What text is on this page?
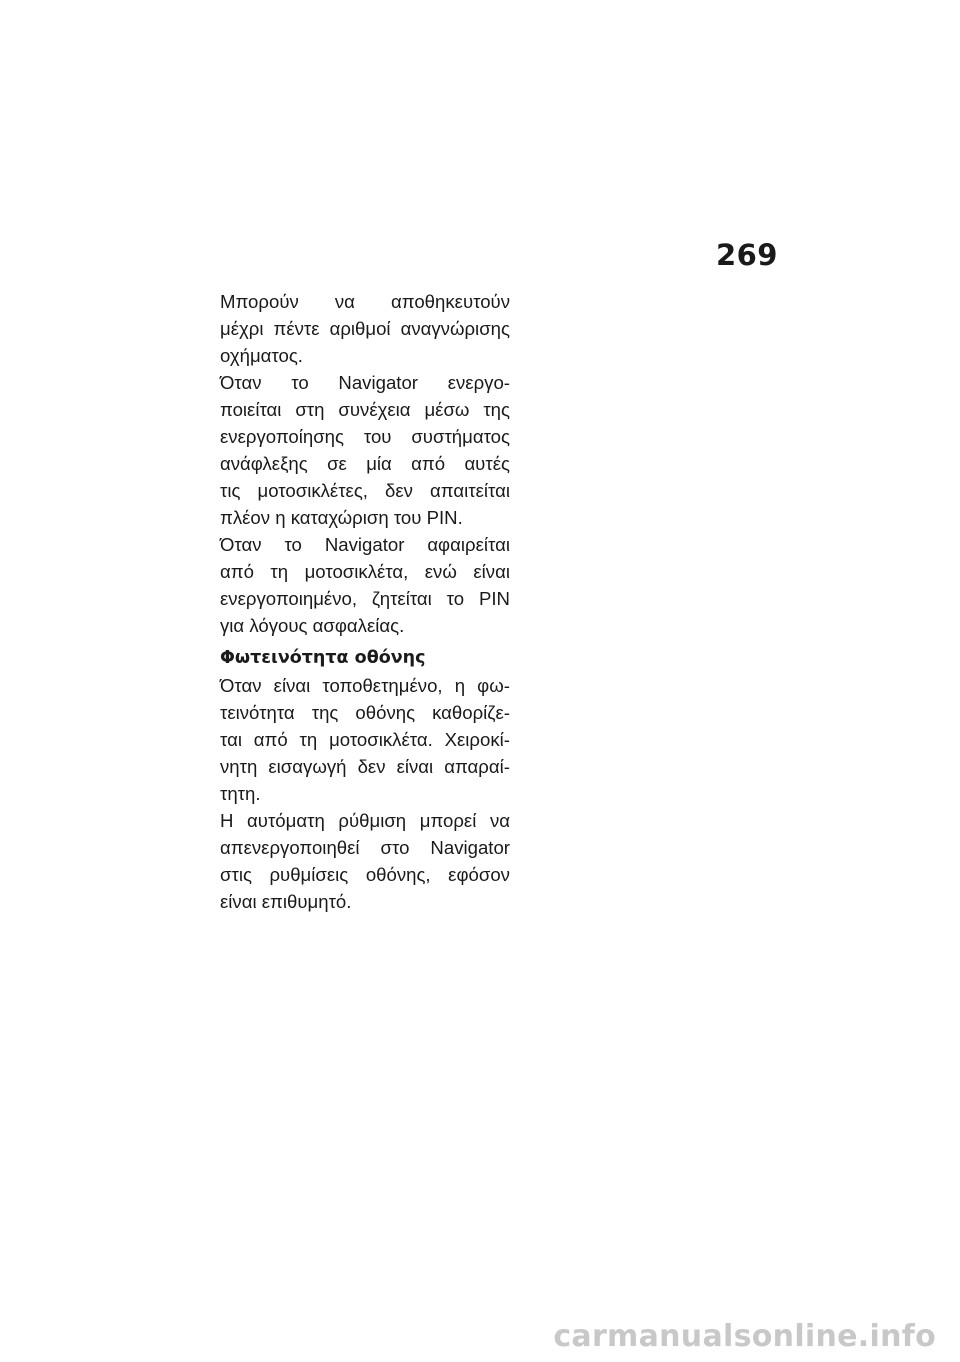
269
Μπορούν να αποθηκευτούν
μέχρι πέντε αριθμοί αναγνώρισης
οχήματος.
Όταν το Navigator ενεργο-
ποιείται στη συνέχεια μέσω της
ενεργοποίησης του συστήματος
ανάφλεξης σε μία από αυτές
τις μοτοσικλέτες, δεν απαιτείται
πλέον η καταχώριση του PIN.
Όταν το Navigator αφαιρείται
από τη μοτοσικλέτα, ενώ είναι
ενεργοποιημένο, ζητείται το PIN
για λόγους ασφαλείας.
Φωτεινότητα οθόνης
Όταν είναι τοποθετημένο, η φω-
τεινότητα της οθόνης καθορίζε-
ται από τη μοτοσικλέτα. Χειροκί-
νητη εισαγωγή δεν είναι απαραί-
τητη.
Η αυτόματη ρύθμιση μπορεί να
απενεργοποιηθεί στο Navigator
στις ρυθμίσεις οθόνης, εφόσον
είναι επιθυμητό.
carmanualsonline.info
